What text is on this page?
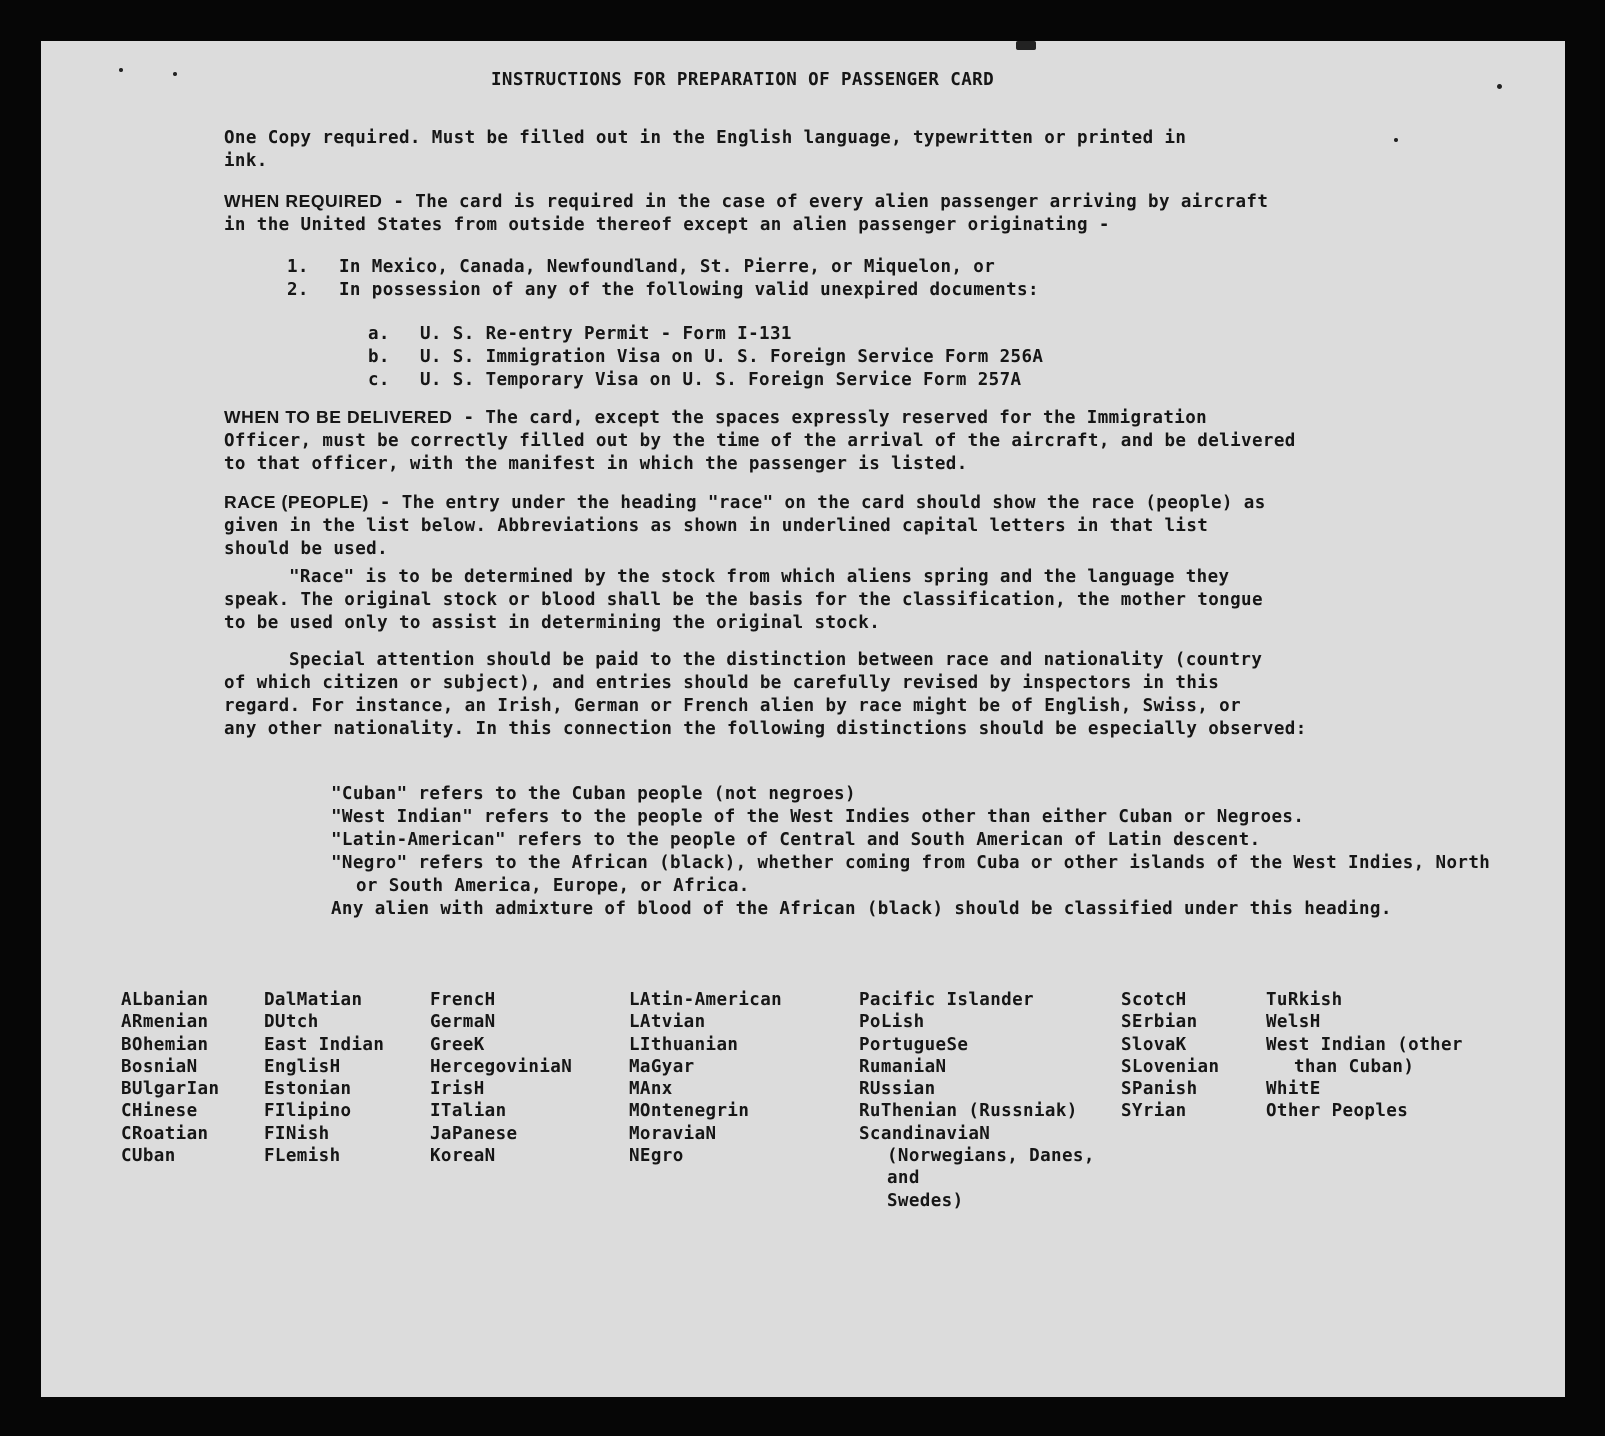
INSTRUCTIONS FOR PREPARATION OF PASSENGER CARD
One Copy required. Must be filled out in the English language, typewritten or printed in
ink.
WHEN REQUIRED - The card is required in the case of every alien passenger arriving by aircraft
in the United States from outside thereof except an alien passenger originating -
1. In Mexico, Canada, Newfoundland, St. Pierre, or Miquelon, or
2. In possession of any of the following valid unexpired documents:
a. U. S. Re-entry Permit - Form I-131
b. U. S. Immigration Visa on U. S. Foreign Service Form 256A
c. U. S. Temporary Visa on U. S. Foreign Service Form 257A
WHEN TO BE DELIVERED - The card, except the spaces expressly reserved for the Immigration
Officer, must be correctly filled out by the time of the arrival of the aircraft, and be delivered
to that officer, with the manifest in which the passenger is listed.
RACE (PEOPLE) - The entry under the heading "race" on the card should show the race (people) as
given in the list below. Abbreviations as shown in underlined capital letters in that list
should be used.
"Race" is to be determined by the stock from which aliens spring and the language they
speak. The original stock or blood shall be the basis for the classification, the mother tongue
to be used only to assist in determining the original stock.
Special attention should be paid to the distinction between race and nationality (country
of which citizen or subject), and entries should be carefully revised by inspectors in this
regard. For instance, an Irish, German or French alien by race might be of English, Swiss, or
any other nationality. In this connection the following distinctions should be especially observed:
"Cuban" refers to the Cuban people (not negroes)
"West Indian" refers to the people of the West Indies other than either Cuban or Negroes.
"Latin-American" refers to the people of Central and South American of Latin descent.
"Negro" refers to the African (black), whether coming from Cuba or other islands of the West Indies, North or South America, Europe, or Africa.
Any alien with admixture of blood of the African (black) should be classified under this heading.
ALbanian
ARmenian
BOhemian
BosniaN
BUlgarIan
CHinese
CRoatian
CUban
DalMatian
DUtch
East Indian
EnglisH
Estonian
FIlipino
FINish
FLemish
FrencH
GermaN
GreeK
HercegoviniaN
IrisH
ITalian
JaPanese
KoreaN
LAtin-American
LAtvian
LIthuanian
MaGyar
MAnx
MOntenegrin
MoraviaN
NEgro
Pacific Islander
PoLish
PortugueSe
RumaniaN
RUssian
RuThenian (Russniak)
ScandinaviaN (Norwegians, Danes, and
Swedes)
ScotcH
SErbian
SlovaK
SLovenian
SPanish
SYrian
TuRkish
WelsH
West Indian (other
than Cuban)
WhitE
Other Peoples
